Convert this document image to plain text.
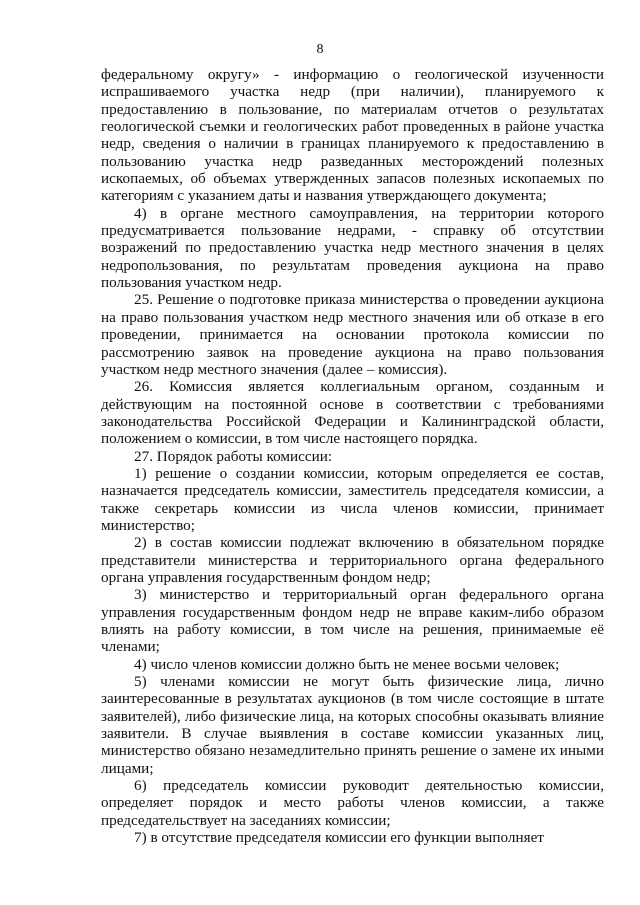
8

федеральному округу» - информацию о геологической изученности испрашиваемого участка недр (при наличии), планируемого к предоставлению в пользование, по материалам отчетов о результатах геологической съемки и геологических работ проведенных в районе участка недр, сведения о наличии в границах планируемого к предоставлению в пользованию участка недр разведанных месторождений полезных ископаемых, об объемах утвержденных запасов полезных ископаемых по категориям с указанием даты и названия утверждающего документа;

4) в органе местного самоуправления, на территории которого предусматривается пользование недрами, - справку об отсутствии возражений по предоставлению участка недр местного значения в целях недропользования, по результатам проведения аукциона на право пользования участком недр.

25. Решение о подготовке приказа министерства о проведении аукциона на право пользования участком недр местного значения или об отказе в его проведении, принимается на основании протокола комиссии по рассмотрению заявок на проведение аукциона на право пользования участком недр местного значения (далее – комиссия).

26. Комиссия является коллегиальным органом, созданным и действующим на постоянной основе в соответствии с требованиями законодательства Российской Федерации и Калининградской области, положением о комиссии, в том числе настоящего порядка.

27. Порядок работы комиссии:

1) решение о создании комиссии, которым определяется ее состав, назначается председатель комиссии, заместитель председателя комиссии, а также секретарь комиссии из числа членов комиссии, принимает министерство;

2) в состав комиссии подлежат включению в обязательном порядке представители министерства и территориального органа федерального органа управления государственным фондом недр;

3) министерство и территориальный орган федерального органа управления государственным фондом недр не вправе каким-либо образом влиять на работу комиссии, в том числе на решения, принимаемые её членами;

4) число членов комиссии должно быть не менее восьми человек;

5) членами комиссии не могут быть физические лица, лично заинтересованные в результатах аукционов (в том числе состоящие в штате заявителей), либо физические лица, на которых способны оказывать влияние заявители. В случае выявления в составе комиссии указанных лиц, министерство обязано незамедлительно принять решение о замене их иными лицами;

6) председатель комиссии руководит деятельностью комиссии, определяет порядок и место работы членов комиссии, а также председательствует на заседаниях комиссии;

7) в отсутствие председателя комиссии его функции выполняет
